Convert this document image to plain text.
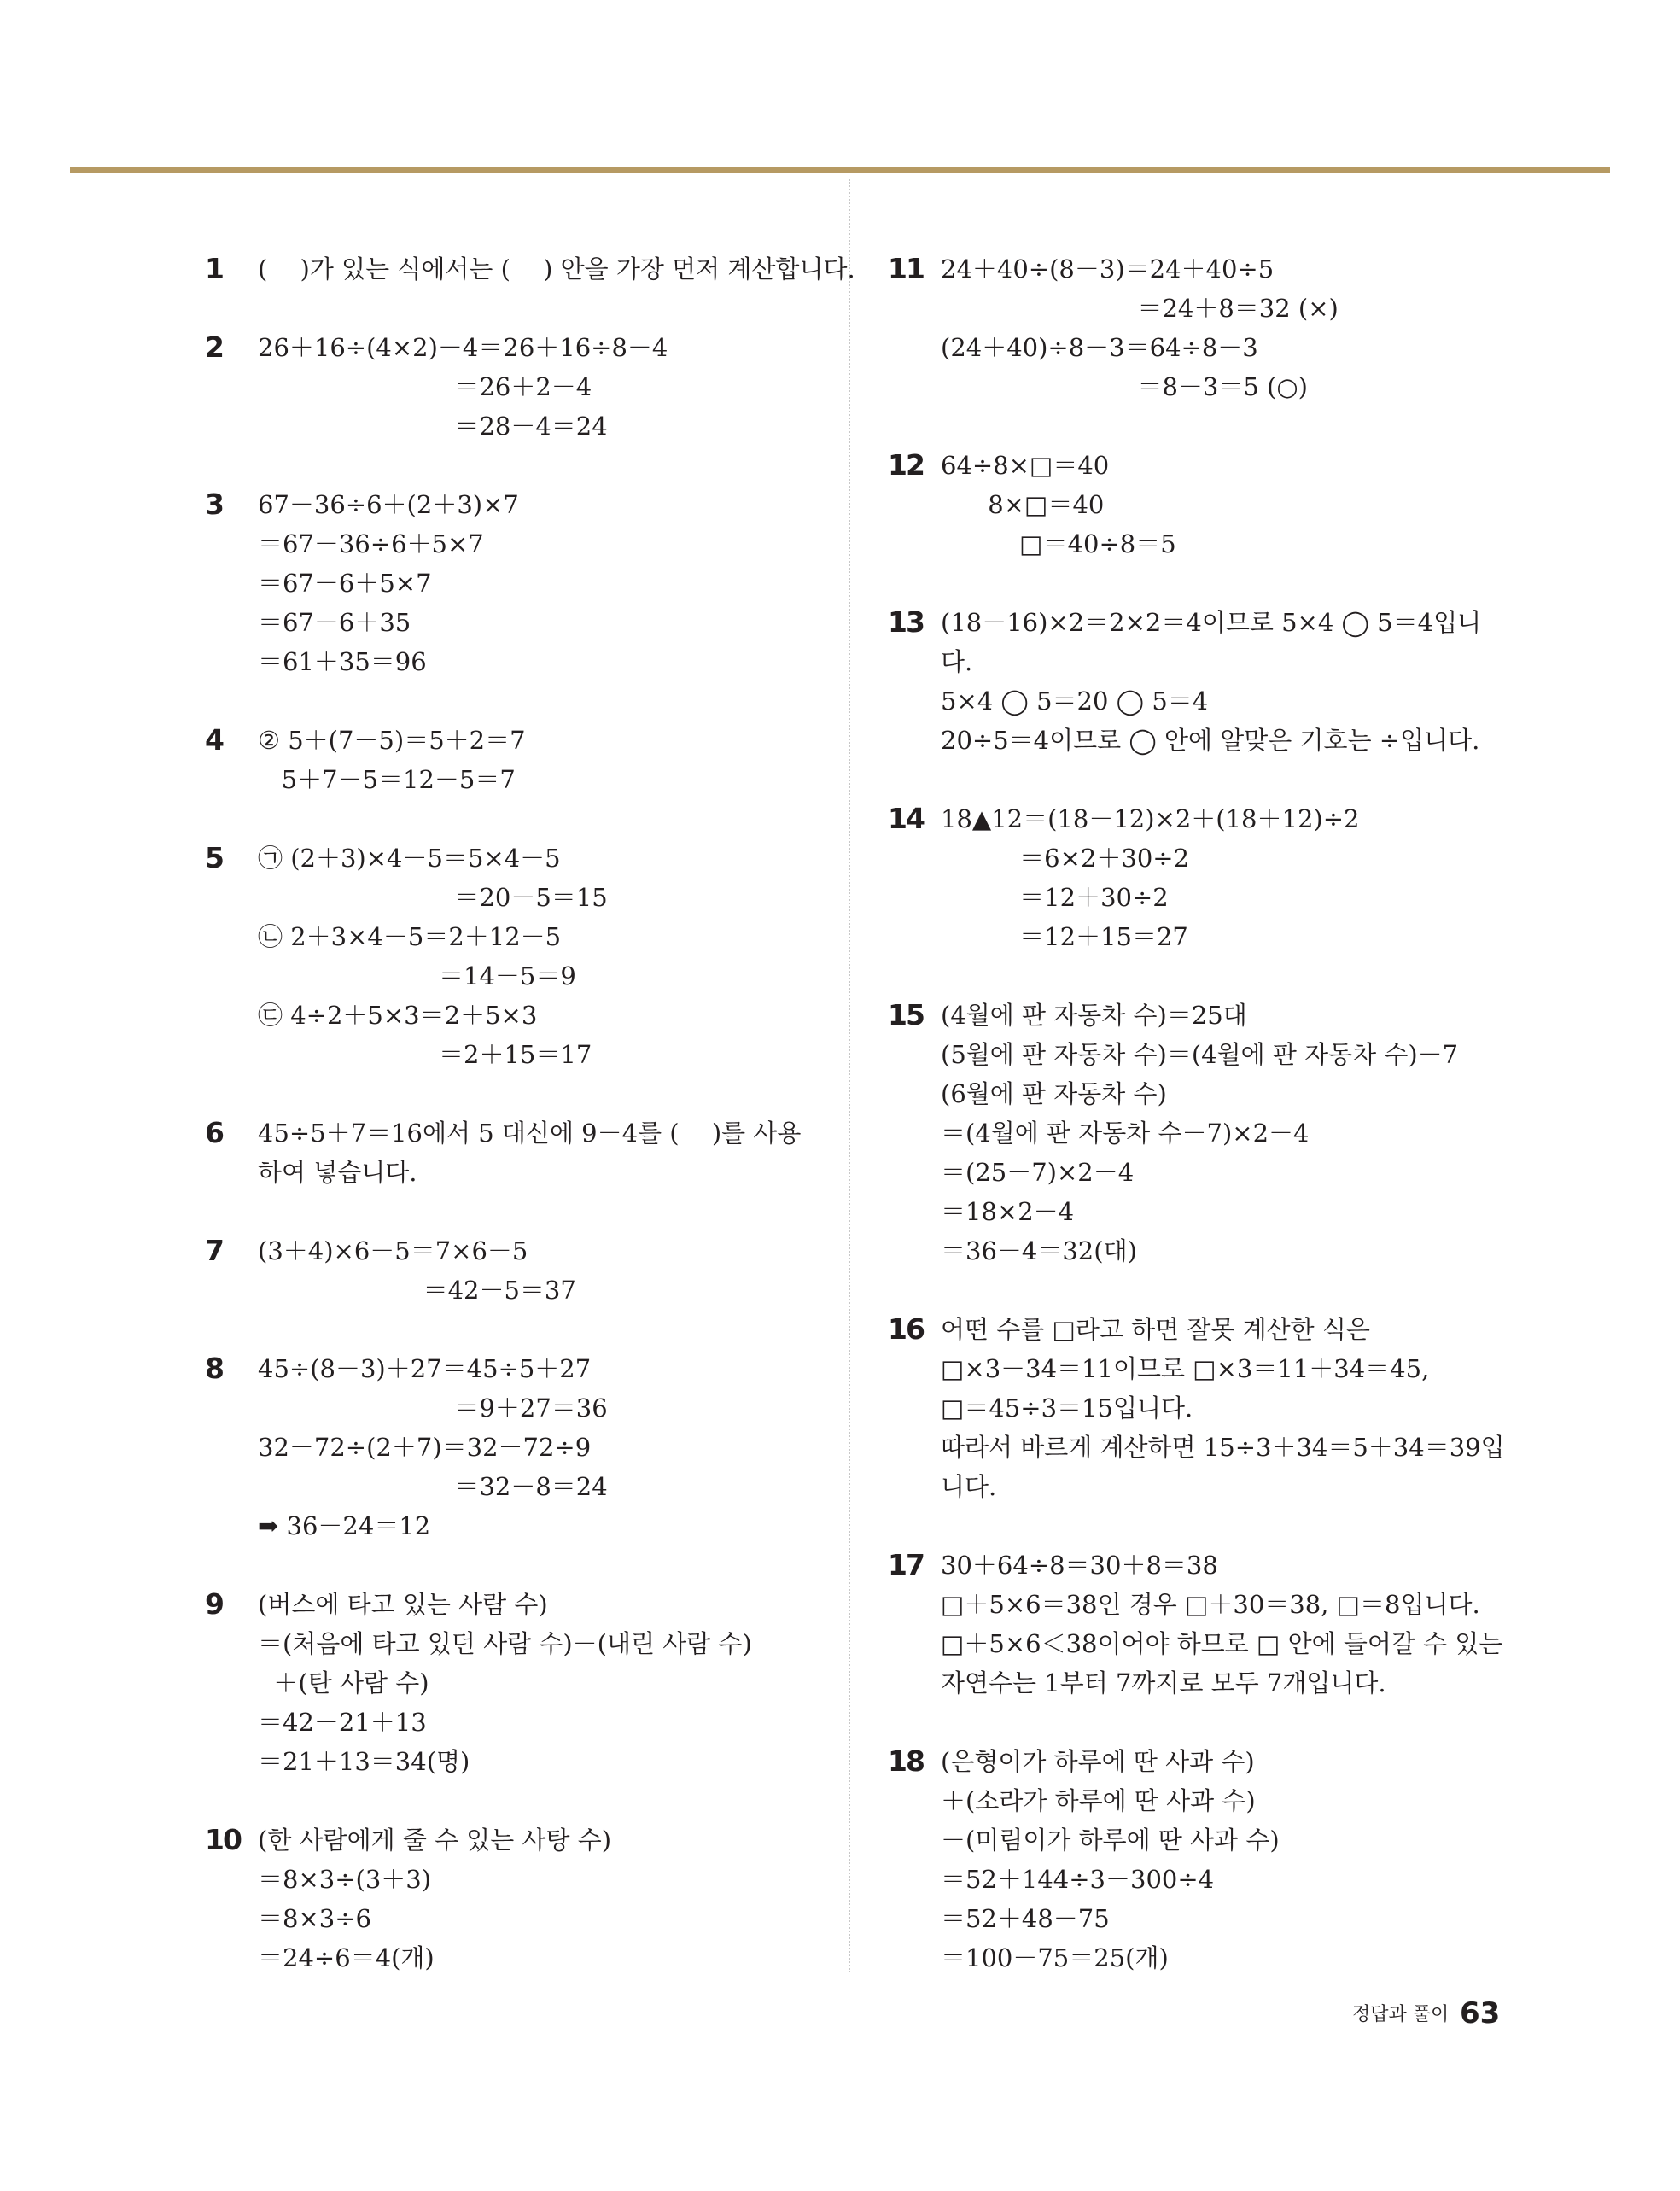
1 (　 )가 있는 식에서는 (　 ) 안을 가장 먼저 계산합니다.
2 26＋16÷(4×2)－4＝26＋16÷8－4
＝26＋2－4
＝28－4＝24
3 67－36÷6＋(2＋3)×7
＝67－36÷6＋5×7
＝67－6＋5×7
＝67－6＋35
＝61＋35＝96
4 ② 5＋(7－5)＝5＋2＝7
5＋7－5＝12－5＝7
5 ㉠ (2＋3)×4－5＝5×4－5
＝20－5＝15
㉡ 2＋3×4－5＝2＋12－5
＝14－5＝9
㉢ 4÷2＋5×3＝2＋5×3
＝2＋15＝17
6 45÷5＋7＝16에서 5 대신에 9－4를 (　 )를 사용
하여 넣습니다.
7 (3＋4)×6－5＝7×6－5
＝42－5＝37
8 45÷(8－3)＋27＝45÷5＋27
＝9＋27＝36
32－72÷(2＋7)＝32－72÷9
＝32－8＝24
➡ 36－24＝12
9 (버스에 타고 있는 사람 수)
＝(처음에 타고 있던 사람 수)－(내린 사람 수)
＋(탄 사람 수)
＝42－21＋13
＝21＋13＝34(명)
10 (한 사람에게 줄 수 있는 사탕 수)
＝8×3÷(3＋3)
＝8×3÷6
＝24÷6＝4(개)
11 24＋40÷(8－3)＝24＋40÷5
＝24＋8＝32 (×)
(24＋40)÷8－3＝64÷8－3
＝8－3＝5 (○)
12 64÷8×□＝40
8×□＝40
□＝40÷8＝5
13 (18－16)×2＝2×2＝4이므로 5×4 ◯ 5＝4입니
다.
5×4 ◯ 5＝20 ◯ 5＝4
20÷5＝4이므로 ◯ 안에 알맞은 기호는 ÷입니다.
14 18▲12＝(18－12)×2＋(18＋12)÷2
＝6×2＋30÷2
＝12＋30÷2
＝12＋15＝27
15 (4월에 판 자동차 수)＝25대
(5월에 판 자동차 수)＝(4월에 판 자동차 수)－7
(6월에 판 자동차 수)
＝(4월에 판 자동차 수－7)×2－4
＝(25－7)×2－4
＝18×2－4
＝36－4＝32(대)
16 어떤 수를 □라고 하면 잘못 계산한 식은
□×3－34＝11이므로 □×3＝11＋34＝45,
□＝45÷3＝15입니다.
따라서 바르게 계산하면 15÷3＋34＝5＋34＝39입
니다.
17 30＋64÷8＝30＋8＝38
□＋5×6＝38인 경우 □＋30＝38, □＝8입니다.
□＋5×6＜38이어야 하므로 □ 안에 들어갈 수 있는
자연수는 1부터 7까지로 모두 7개입니다.
18 (은형이가 하루에 딴 사과 수)
＋(소라가 하루에 딴 사과 수)
－(미림이가 하루에 딴 사과 수)
＝52＋144÷3－300÷4
＝52＋48－75
＝100－75＝25(개)
정답과 풀이 63
